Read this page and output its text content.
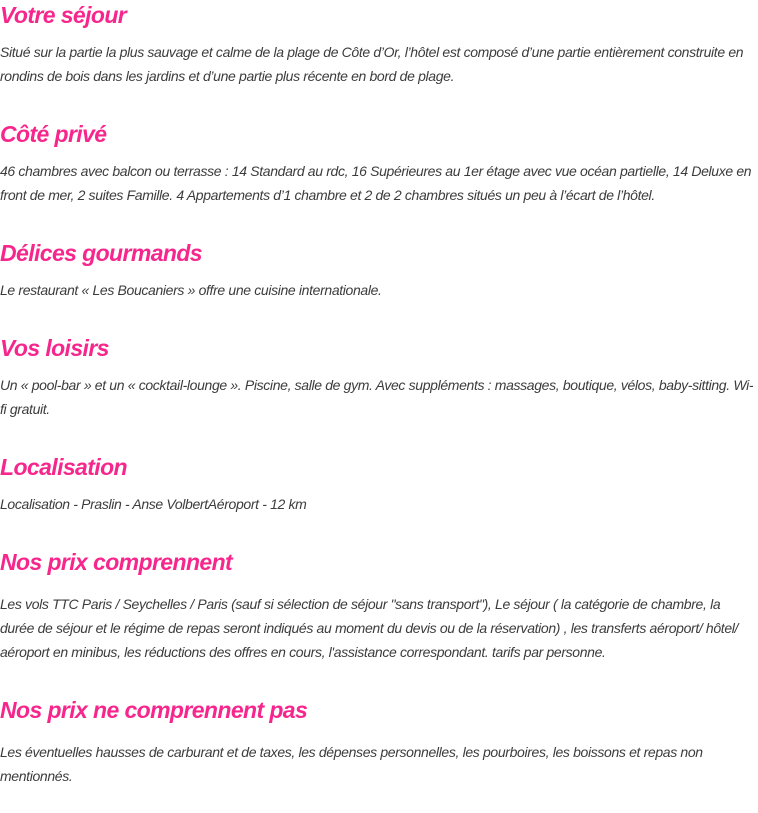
Votre séjour

Situé sur la partie la plus sauvage et calme de la plage de Côte d’Or, l’hôtel est composé d’une partie entièrement construite en rondins de bois dans les jardins et d’une partie plus récente en bord de plage.

Côté privé

46 chambres avec balcon ou terrasse : 14 Standard au rdc, 16 Supérieures au 1er étage avec vue océan partielle, 14 Deluxe en front de mer, 2 suites Famille. 4 Appartements d’1 chambre et 2 de 2 chambres situés un peu à l’écart de l’hôtel.

Délices gourmands

Le restaurant « Les Boucaniers » offre une cuisine internationale.

Vos loisirs

Un « pool-bar » et un « cocktail-lounge ». Piscine, salle de gym. Avec suppléments : massages, boutique, vélos, baby-sitting. Wi-fi gratuit.

Localisation

Localisation - Praslin - Anse VolbertAéroport - 12 km

Nos prix comprennent

Les vols TTC Paris / Seychelles / Paris (sauf si sélection de séjour "sans transport"), Le séjour ( la catégorie de chambre, la durée de séjour et le régime de repas seront indiqués au moment du devis ou de la réservation) , les transferts aéroport/ hôtel/ aéroport en minibus, les réductions des offres en cours, l'assistance correspondant. tarifs par personne.

Nos prix ne comprennent pas

Les éventuelles hausses de carburant et de taxes, les dépenses personnelles, les pourboires, les boissons et repas non mentionnés.
